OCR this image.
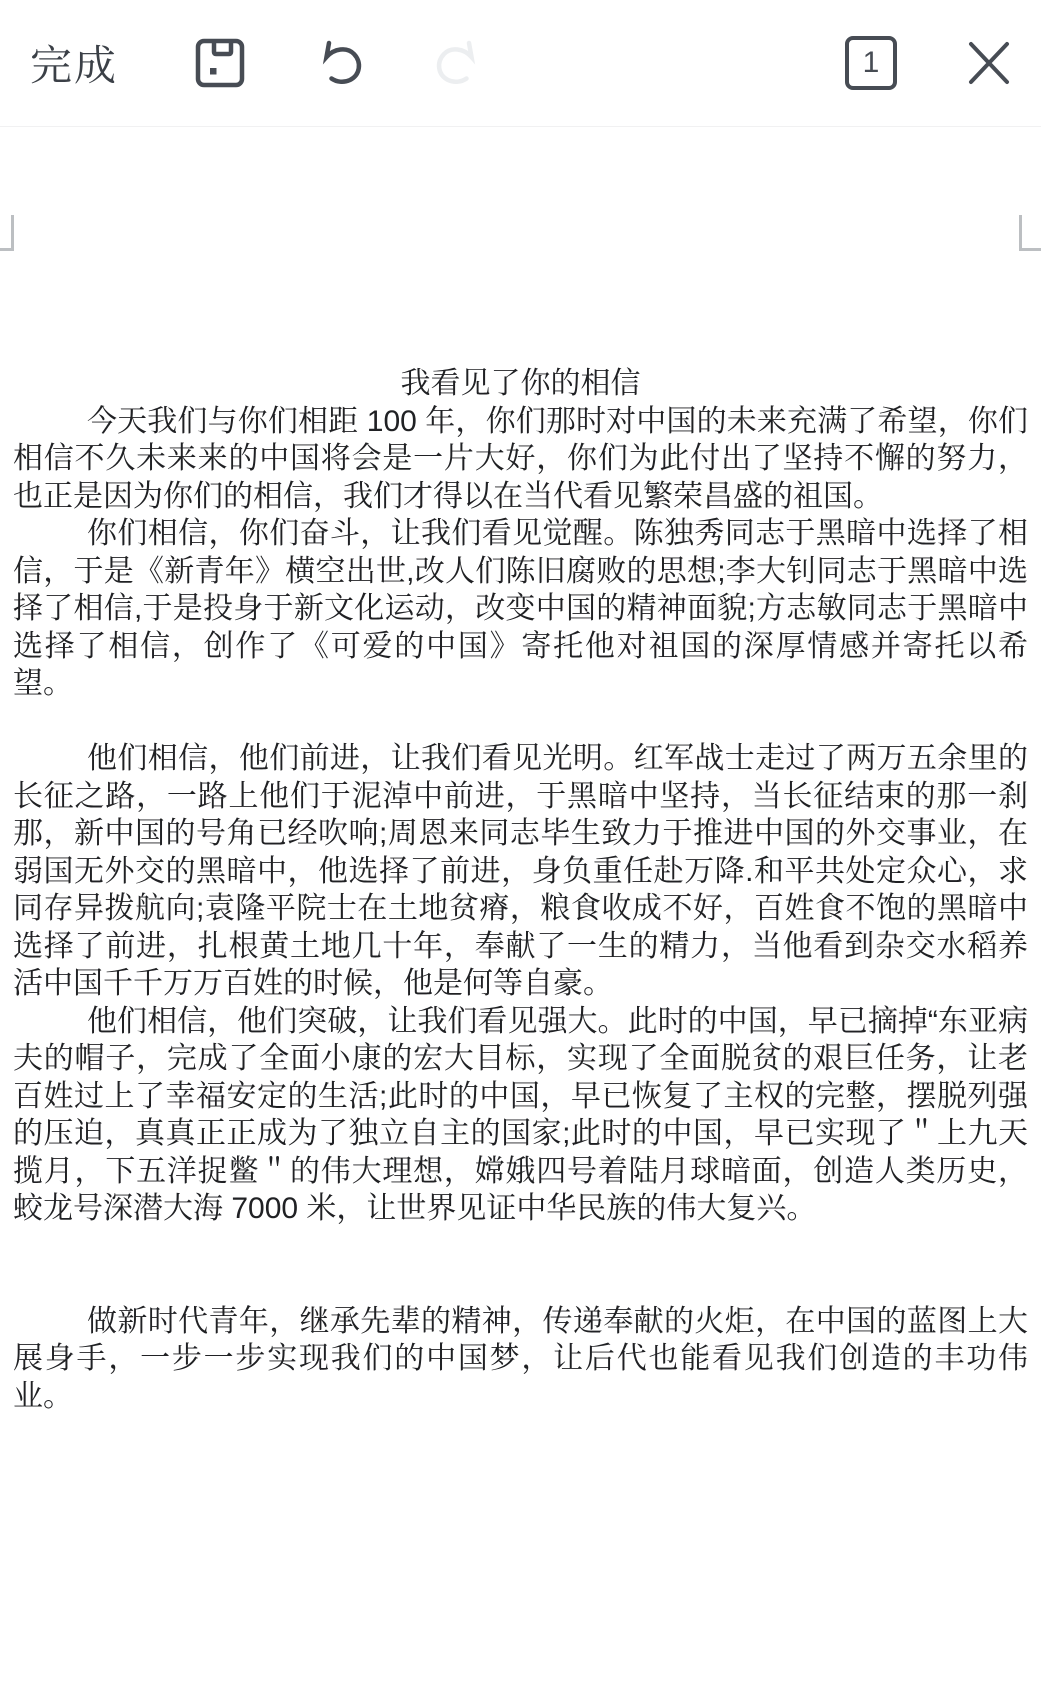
完成	1

我看见了你的相信

今天我们与你们相距 100 年，你们那时对中国的未来充满了希望，你们相信不久未来来的中国将会是一片大好，你们为此付出了坚持不懈的努力，也正是因为你们的相信，我们才得以在当代看见繁荣昌盛的祖国。

你们相信，你们奋斗，让我们看见觉醒。陈独秀同志于黑暗中选择了相信，于是《新青年》横空出世,改人们陈旧腐败的思想;李大钊同志于黑暗中选择了相信,于是投身于新文化运动，改变中国的精神面貌;方志敏同志于黑暗中选择了相信，创作了《可爱的中国》寄托他对祖国的深厚情感并寄托以希望。

他们相信，他们前进，让我们看见光明。红军战士走过了两万五余里的长征之路，一路上他们于泥淖中前进，于黑暗中坚持，当长征结束的那一刹那，新中国的号角已经吹响;周恩来同志毕生致力于推进中国的外交事业，在弱国无外交的黑暗中，他选择了前进，身负重任赴万降.和平共处定众心，求同存异拨航向;袁隆平院士在土地贫瘠，粮食收成不好，百姓食不饱的黑暗中选择了前进，扎根黄土地几十年，奉献了一生的精力，当他看到杂交水稻养活中国千千万万百姓的时候，他是何等自豪。

他们相信，他们突破，让我们看见强大。此时的中国，早已摘掉“东亚病夫的帽子，完成了全面小康的宏大目标，实现了全面脱贫的艰巨任务，让老百姓过上了幸福安定的生活;此时的中国，早已恢复了主权的完整，摆脱列强的压迫，真真正正成为了独立自主的国家;此时的中国，早已实现了＂上九天揽月，下五洋捉鳖＂的伟大理想，嫦娥四号着陆月球暗面，创造人类历史，蛟龙号深潜大海 7000 米，让世界见证中华民族的伟大复兴。

做新时代青年，继承先辈的精神，传递奉献的火炬，在中国的蓝图上大展身手，一步一步实现我们的中国梦，让后代也能看见我们创造的丰功伟业。
